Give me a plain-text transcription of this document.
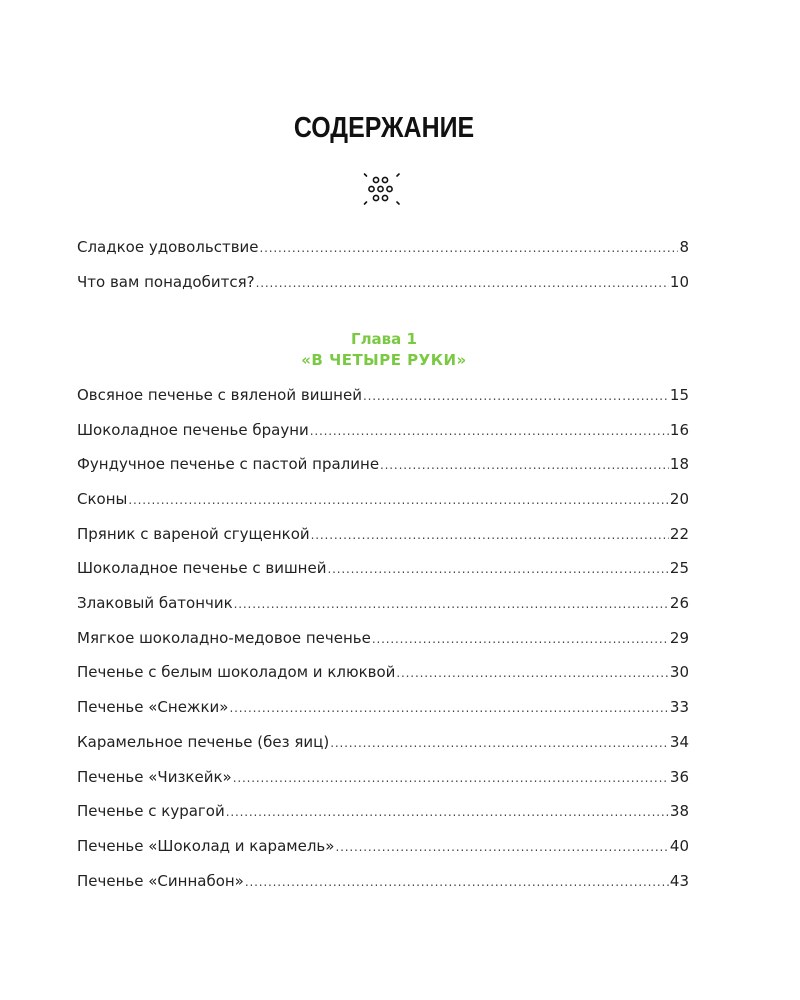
СОДЕРЖАНИЕ
Сладкое удовольствие . . .	8
Что вам понадобится? . . .	10
Овсяное печенье с вяленой вишней . . .	15
Шоколадное печенье брауни . . .	16
Фундучное печенье с пастой пралине . . .	18
Сконы . . .	20
Пряник с вареной сгущенкой . . .	22
Шоколадное печенье с вишней . . .	25
Злаковый батончик . . .	26
Мягкое шоколадно-медовое печенье . . .	29
Печенье с белым шоколадом и клюквой . . .	30
Печенье «Снежки» . . .	33
Карамельное печенье (без яиц) . . .	34
Печенье «Чизкейк» . . .	36
Печенье с курагой . . .	38
Печенье «Шоколад и карамель» . . .	40
Печенье «Синнабон» . . .	43
Глава 1
«В ЧЕТЫРЕ РУКИ»
